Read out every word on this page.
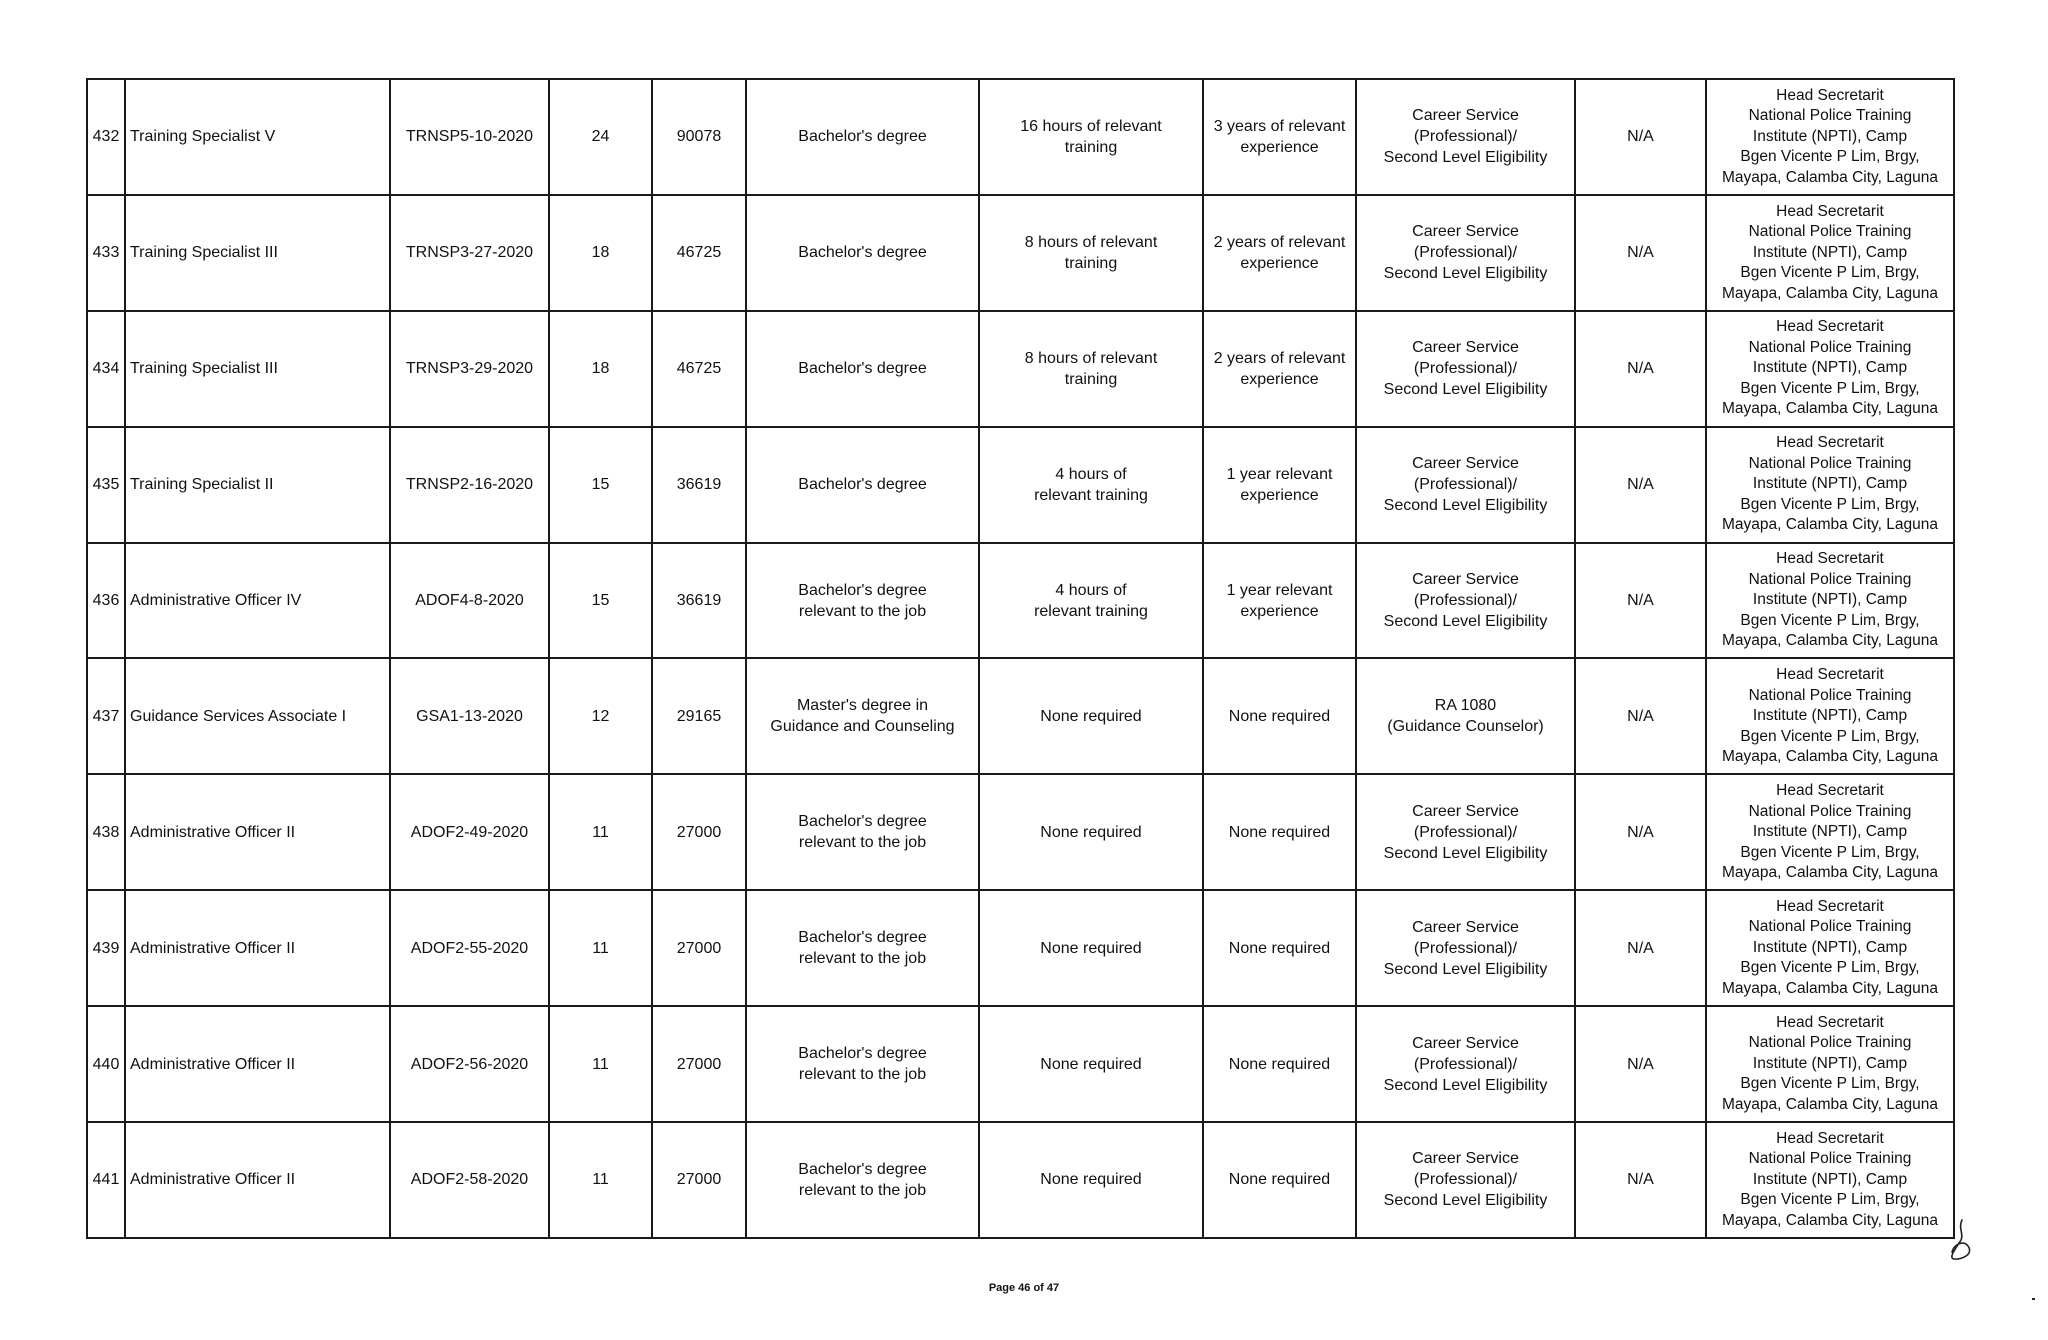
432	Training Specialist V	TRNSP5-10-2020	24	90078	Bachelor's degree	16 hours of relevant
training	3 years of relevant
experience	Career Service
(Professional)/
Second Level Eligibility	N/A	Head Secretarit
National Police Training
Institute (NPTI), Camp
Bgen Vicente P Lim, Brgy,
Mayapa, Calamba City, Laguna

433	Training Specialist III	TRNSP3-27-2020	18	46725	Bachelor's degree	8 hours of relevant
training	2 years of relevant
experience	Career Service
(Professional)/
Second Level Eligibility	N/A	Head Secretarit
National Police Training
Institute (NPTI), Camp
Bgen Vicente P Lim, Brgy,
Mayapa, Calamba City, Laguna

434	Training Specialist III	TRNSP3-29-2020	18	46725	Bachelor's degree	8 hours of relevant
training	2 years of relevant
experience	Career Service
(Professional)/
Second Level Eligibility	N/A	Head Secretarit
National Police Training
Institute (NPTI), Camp
Bgen Vicente P Lim, Brgy,
Mayapa, Calamba City, Laguna

435	Training Specialist II	TRNSP2-16-2020	15	36619	Bachelor's degree	4 hours of
relevant training	1 year relevant
experience	Career Service
(Professional)/
Second Level Eligibility	N/A	Head Secretarit
National Police Training
Institute (NPTI), Camp
Bgen Vicente P Lim, Brgy,
Mayapa, Calamba City, Laguna

436	Administrative Officer IV	ADOF4-8-2020	15	36619	Bachelor's degree
relevant to the job	4 hours of
relevant training	1 year relevant
experience	Career Service
(Professional)/
Second Level Eligibility	N/A	Head Secretarit
National Police Training
Institute (NPTI), Camp
Bgen Vicente P Lim, Brgy,
Mayapa, Calamba City, Laguna

437	Guidance Services Associate I	GSA1-13-2020	12	29165	Master's degree in
Guidance and Counseling	None required	None required	RA 1080
(Guidance Counselor)	N/A	Head Secretarit
National Police Training
Institute (NPTI), Camp
Bgen Vicente P Lim, Brgy,
Mayapa, Calamba City, Laguna

438	Administrative Officer II	ADOF2-49-2020	11	27000	Bachelor's degree
relevant to the job	None required	None required	Career Service
(Professional)/
Second Level Eligibility	N/A	Head Secretarit
National Police Training
Institute (NPTI), Camp
Bgen Vicente P Lim, Brgy,
Mayapa, Calamba City, Laguna

439	Administrative Officer II	ADOF2-55-2020	11	27000	Bachelor's degree
relevant to the job	None required	None required	Career Service
(Professional)/
Second Level Eligibility	N/A	Head Secretarit
National Police Training
Institute (NPTI), Camp
Bgen Vicente P Lim, Brgy,
Mayapa, Calamba City, Laguna

440	Administrative Officer II	ADOF2-56-2020	11	27000	Bachelor's degree
relevant to the job	None required	None required	Career Service
(Professional)/
Second Level Eligibility	N/A	Head Secretarit
National Police Training
Institute (NPTI), Camp
Bgen Vicente P Lim, Brgy,
Mayapa, Calamba City, Laguna

441	Administrative Officer II	ADOF2-58-2020	11	27000	Bachelor's degree
relevant to the job	None required	None required	Career Service
(Professional)/
Second Level Eligibility	N/A	Head Secretarit
National Police Training
Institute (NPTI), Camp
Bgen Vicente P Lim, Brgy,
Mayapa, Calamba City, Laguna
Page 46 of 47
